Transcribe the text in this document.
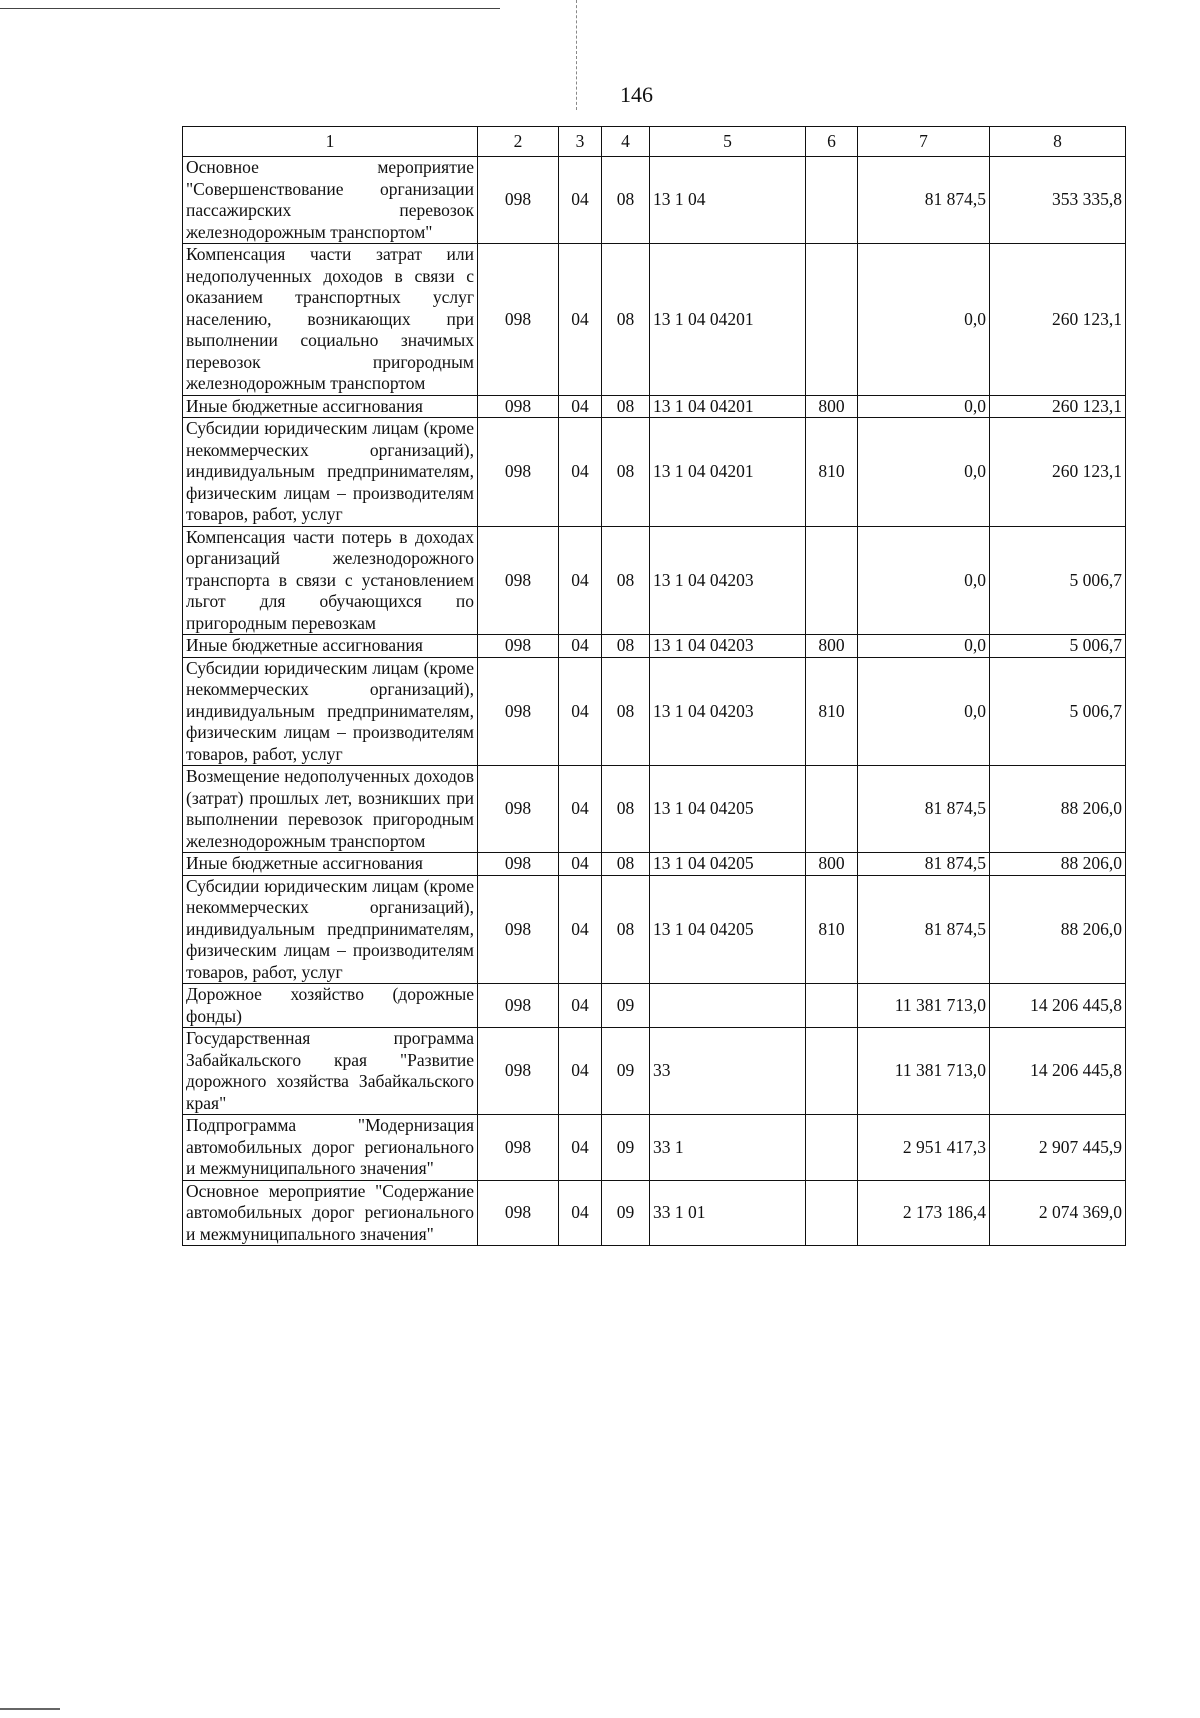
146
1	2	3	4	5	6	7	8
Основное мероприятие "Совершенствование организации пассажирских перевозок железнодорожным транспортом"	098	04	08	13 1 04		81 874,5	353 335,8
Компенсация части затрат или недополученных доходов в связи с оказанием транспортных услуг населению, возникающих при выполнении социально значимых перевозок пригородным железнодорожным транспортом	098	04	08	13 1 04 04201		0,0	260 123,1
Иные бюджетные ассигнования	098	04	08	13 1 04 04201	800	0,0	260 123,1
Субсидии юридическим лицам (кроме некоммерческих организаций), индивидуальным предпринимателям, физическим лицам – производителям товаров, работ, услуг	098	04	08	13 1 04 04201	810	0,0	260 123,1
Компенсация части потерь в доходах организаций железнодорожного транспорта в связи с установлением льгот для обучающихся по пригородным перевозкам	098	04	08	13 1 04 04203		0,0	5 006,7
Иные бюджетные ассигнования	098	04	08	13 1 04 04203	800	0,0	5 006,7
Субсидии юридическим лицам (кроме некоммерческих организаций), индивидуальным предпринимателям, физическим лицам – производителям товаров, работ, услуг	098	04	08	13 1 04 04203	810	0,0	5 006,7
Возмещение недополученных доходов (затрат) прошлых лет, возникших при выполнении перевозок пригородным железнодорожным транспортом	098	04	08	13 1 04 04205		81 874,5	88 206,0
Иные бюджетные ассигнования	098	04	08	13 1 04 04205	800	81 874,5	88 206,0
Субсидии юридическим лицам (кроме некоммерческих организаций), индивидуальным предпринимателям, физическим лицам – производителям товаров, работ, услуг	098	04	08	13 1 04 04205	810	81 874,5	88 206,0
Дорожное хозяйство (дорожные фонды)	098	04	09			11 381 713,0	14 206 445,8
Государственная программа Забайкальского края "Развитие дорожного хозяйства Забайкальского края"	098	04	09	33		11 381 713,0	14 206 445,8
Подпрограмма "Модернизация автомобильных дорог регионального и межмуниципального значения"	098	04	09	33 1		2 951 417,3	2 907 445,9
Основное мероприятие "Содержание автомобильных дорог регионального и межмуниципального значения"	098	04	09	33 1 01		2 173 186,4	2 074 369,0
